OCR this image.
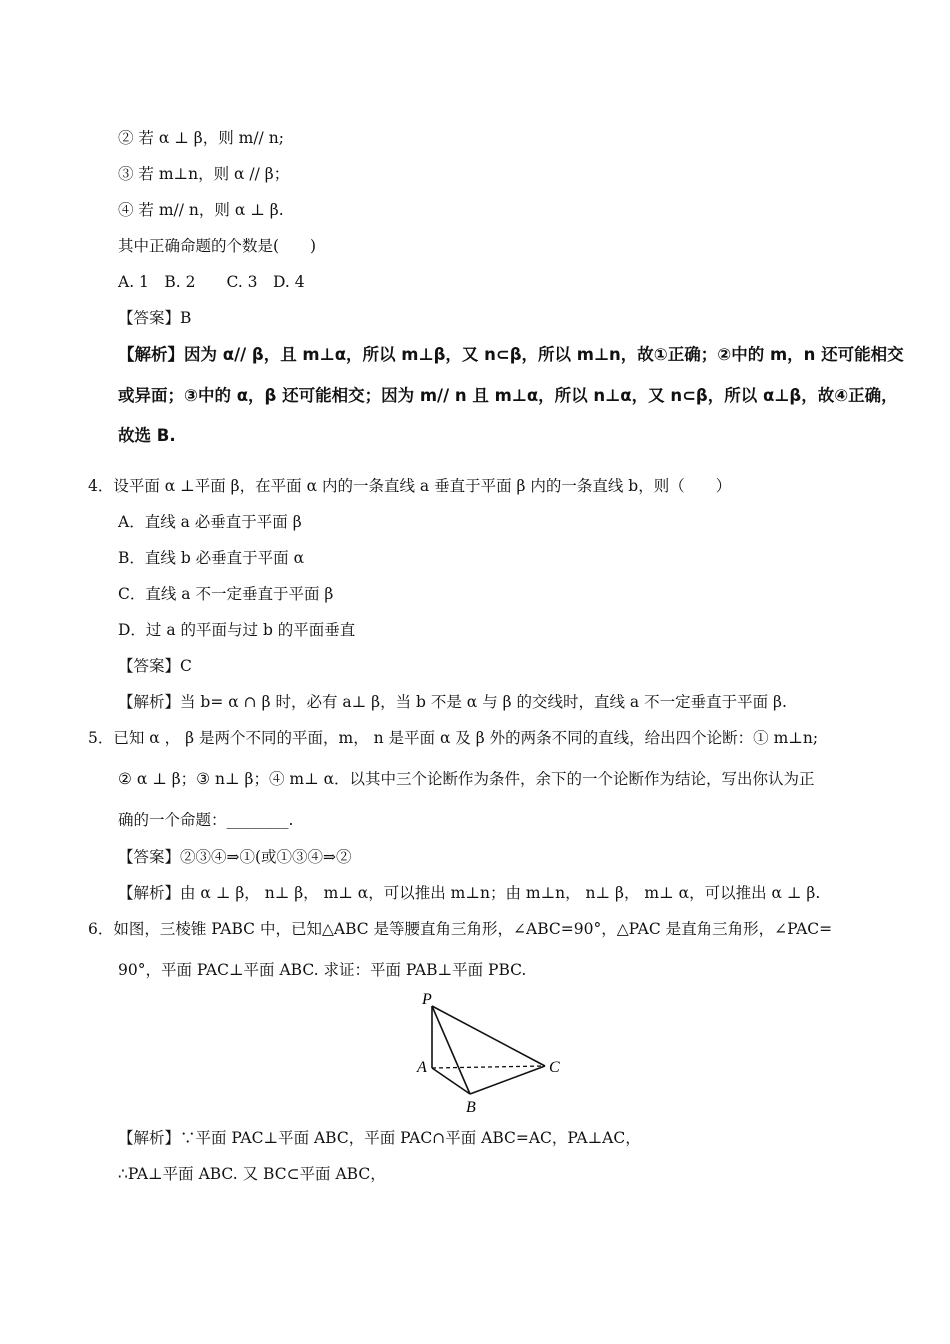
② 若 α ⊥ β，则 m// n;
③ 若 m⊥n，则 α // β；
④ 若 m// n，则 α ⊥ β.
其中正确命题的个数是(　　)
A. 1　B. 2　　C. 3　D. 4
【答案】B
【解析】因为 α// β，且 m⊥α，所以 m⊥β，又 n⊂β，所以 m⊥n，故①正确；②中的 m，n 还可能相交
或异面；③中的 α，β 还可能相交；因为 m// n 且 m⊥α，所以 n⊥α，又 n⊂β，所以 α⊥β，故④正确，
故选 B.
4．设平面 α ⊥平面 β，在平面 α 内的一条直线 a 垂直于平面 β 内的一条直线 b，则（　　）
A．直线 a 必垂直于平面 β
B．直线 b 必垂直于平面 α
C．直线 a 不一定垂直于平面 β
D．过 a 的平面与过 b 的平面垂直
【答案】C
【解析】当 b= α ∩ β 时，必有 a⊥ β，当 b 不是 α 与 β 的交线时，直线 a 不一定垂直于平面 β.
5．已知 α ， β 是两个不同的平面，m， n 是平面 α 及 β 外的两条不同的直线，给出四个论断：① m⊥n;
② α ⊥ β；③ n⊥ β；④ m⊥ α．以其中三个论断作为条件，余下的一个论断作为结论，写出你认为正
确的一个命题：________.
【答案】②③④⇒①(或①③④⇒②
【解析】由 α ⊥ β， n⊥ β， m⊥ α，可以推出 m⊥n；由 m⊥n， n⊥ β， m⊥ α，可以推出 α ⊥ β.
6．如图，三棱锥 PABC 中，已知△ABC 是等腰直角三角形，∠ABC=90°，△PAC 是直角三角形，∠PAC=
90°，平面 PAC⊥平面 ABC. 求证：平面 PAB⊥平面 PBC.
P
A
B
C
【解析】∵平面 PAC⊥平面 ABC，平面 PAC∩平面 ABC=AC，PA⊥AC，
∴PA⊥平面 ABC. 又 BC⊂平面 ABC，
